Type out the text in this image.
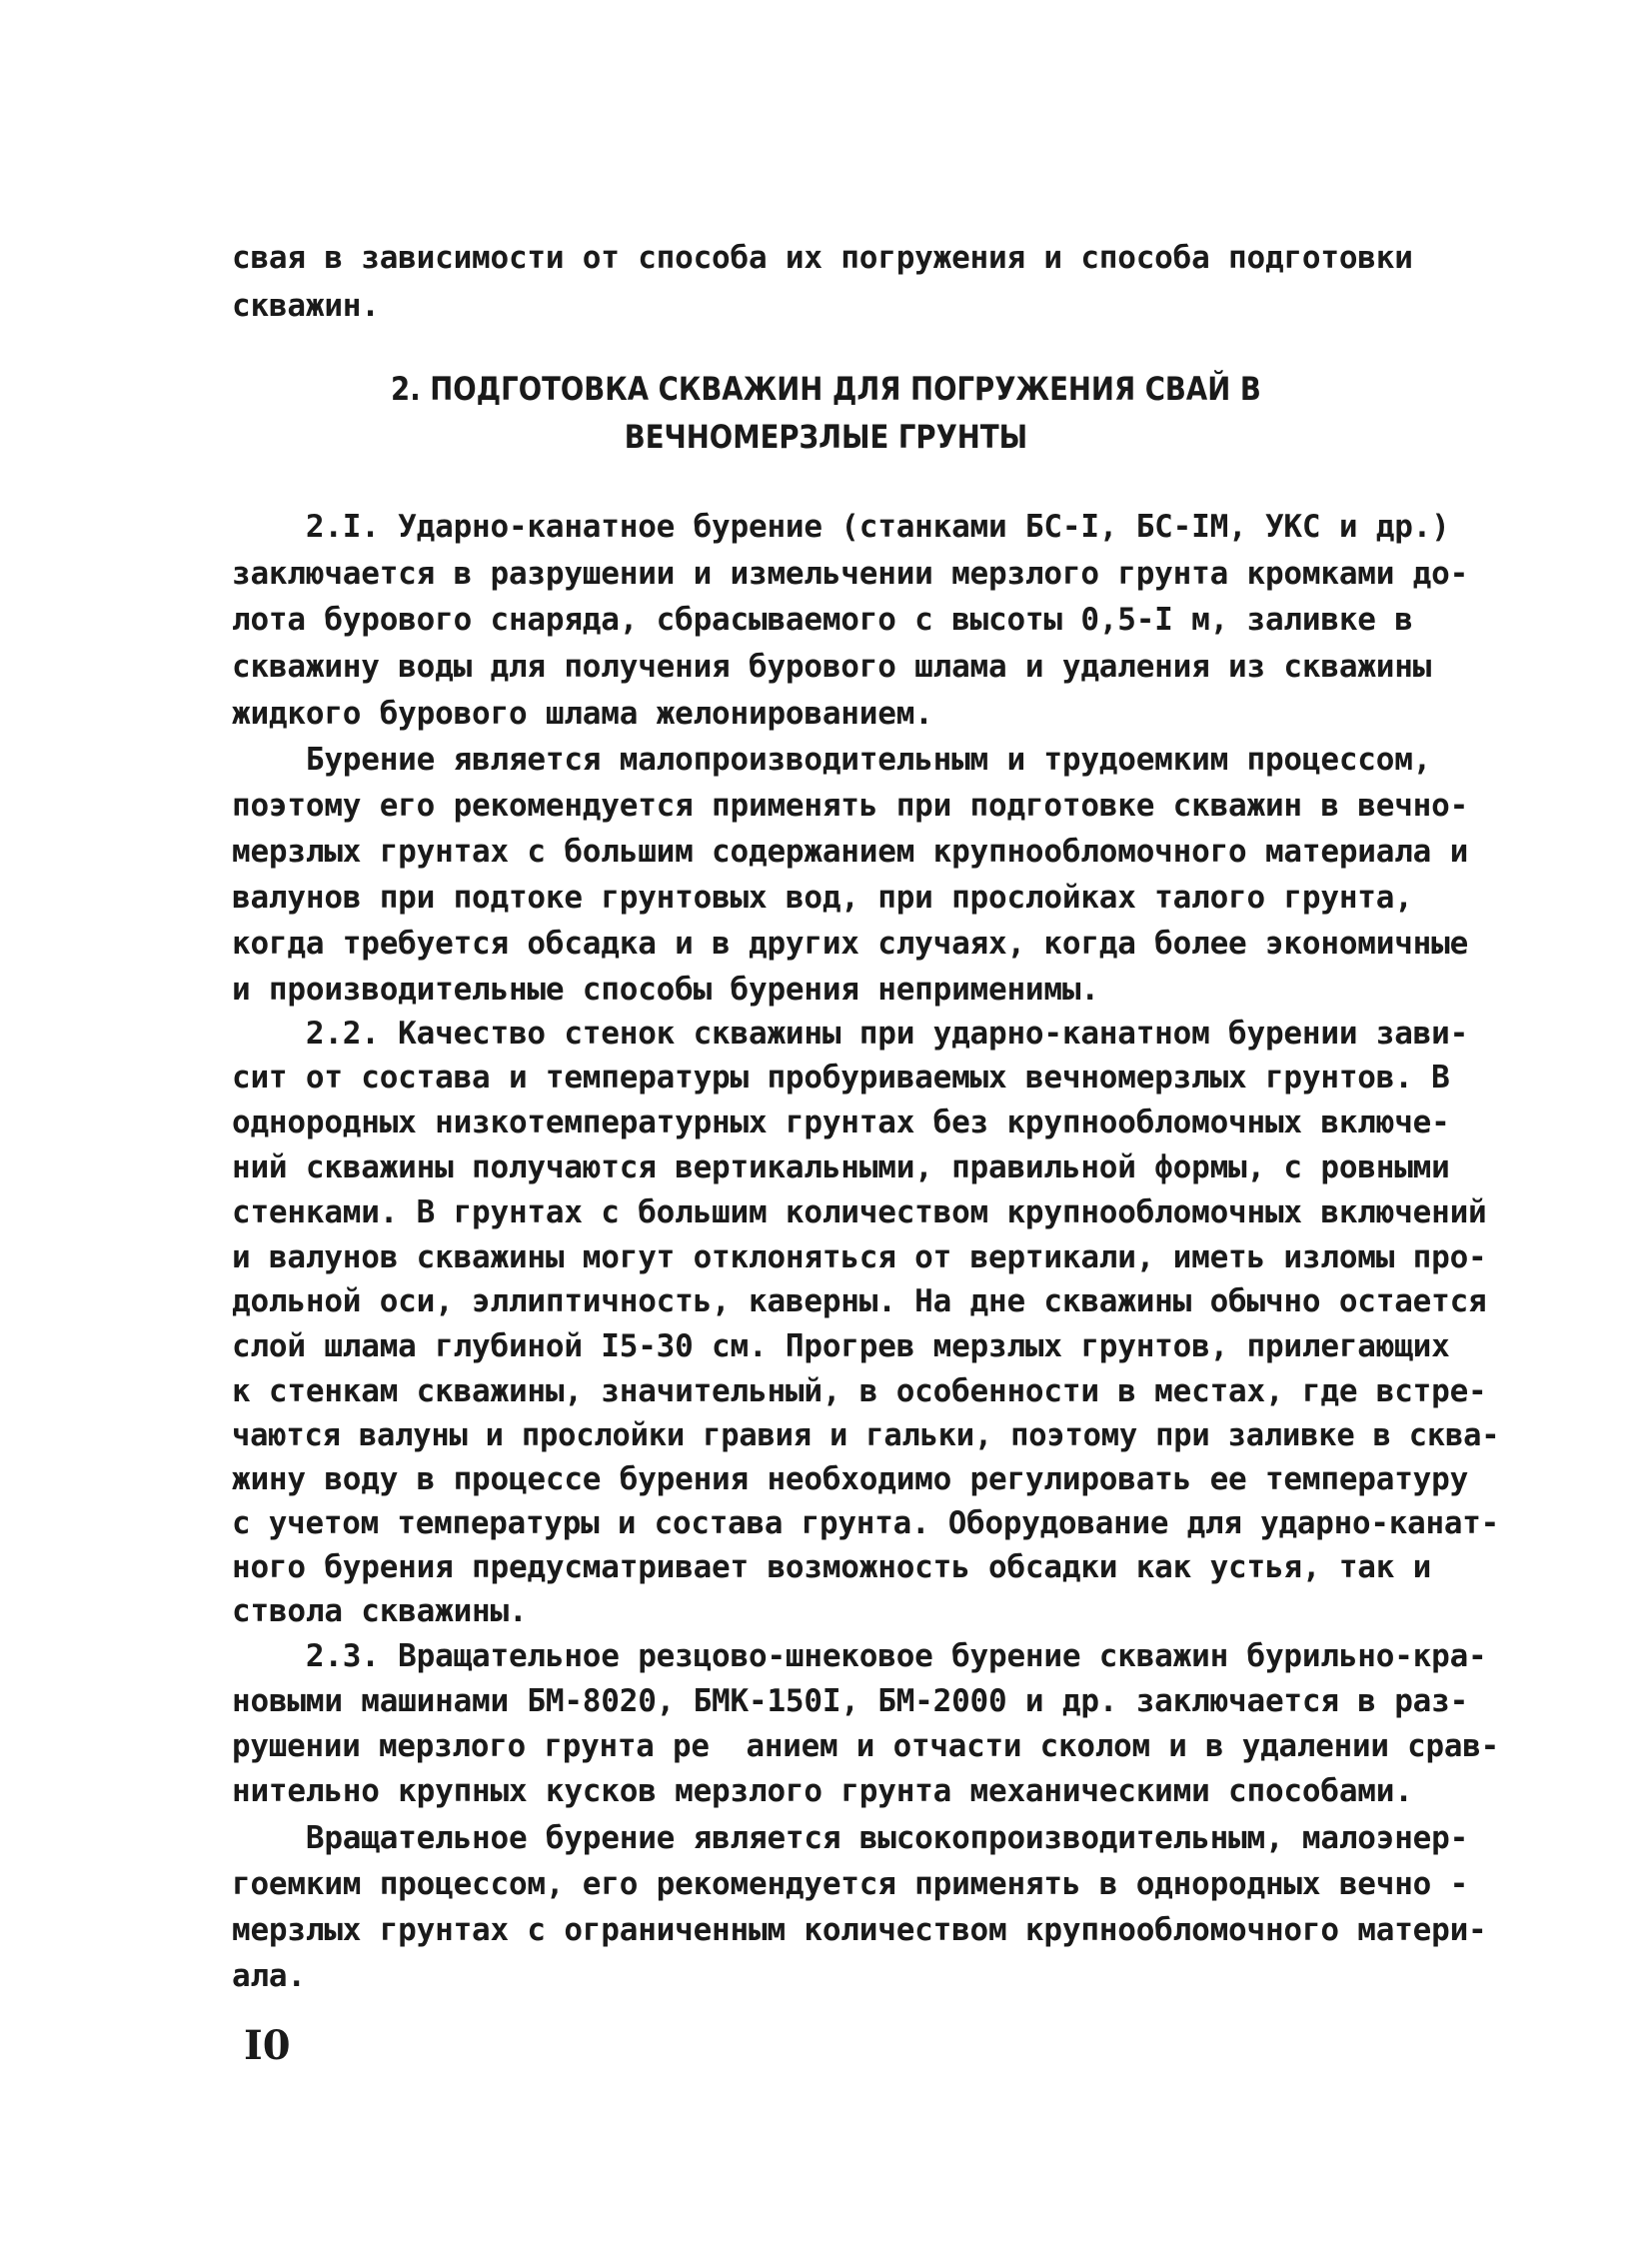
свая в зависимости от способа их погружения и способа подготовки
скважин.
2. ПОДГОТОВКА СКВАЖИН ДЛЯ ПОГРУЖЕНИЯ СВАЙ В
ВЕЧНОМЕРЗЛЫЕ ГРУНТЫ
2.I. Ударно-канатное бурение (станками БС-I, БС-IМ, УКС и др.)
заключается в разрушении и измельчении мерзлого грунта кромками до-
лота бурового снаряда, сбрасываемого с высоты 0,5-I м, заливке в
скважину воды для получения бурового шлама и удаления из скважины
жидкого бурового шлама желонированием.
Бурение является малопроизводительным и трудоемким процессом,
поэтому его рекомендуется применять при подготовке скважин в вечно-
мерзлых грунтах с большим содержанием крупнообломочного материала и
валунов при подтоке грунтовых вод, при прослойках талого грунта,
когда требуется обсадка и в других случаях, когда более экономичные
и производительные способы бурения неприменимы.
2.2. Качество стенок скважины при ударно-канатном бурении зави-
сит от состава и температуры пробуриваемых вечномерзлых грунтов. В
однородных низкотемпературных грунтах без крупнообломочных включе-
ний скважины получаются вертикальными, правильной формы, с ровными
стенками. В грунтах с большим количеством крупнообломочных включений
и валунов скважины могут отклоняться от вертикали, иметь изломы про-
дольной оси, эллиптичность, каверны. На дне скважины обычно остается
слой шлама глубиной I5-30 см. Прогрев мерзлых грунтов, прилегающих
к стенкам скважины, значительный, в особенности в местах, где встре-
чаются валуны и прослойки гравия и гальки, поэтому при заливке в сква-
жину воду в процессе бурения необходимо регулировать ее температуру
с учетом температуры и состава грунта. Оборудование для ударно-канат-
ного бурения предусматривает возможность обсадки как устья, так и
ствола скважины.
2.3. Вращательное резцово-шнековое бурение скважин бурильно-кра-
новыми машинами БМ-8020, БМК-150I, БМ-2000 и др. заключается в раз-
рушении мерзлого грунта ре  анием и отчасти сколом и в удалении срав-
нительно крупных кусков мерзлого грунта механическими способами.
Вращательное бурение является высокопроизводительным, малоэнер-
гоемким процессом, его рекомендуется применять в однородных вечно -
мерзлых грунтах с ограниченным количеством крупнообломочного матери-
ала.
I0
